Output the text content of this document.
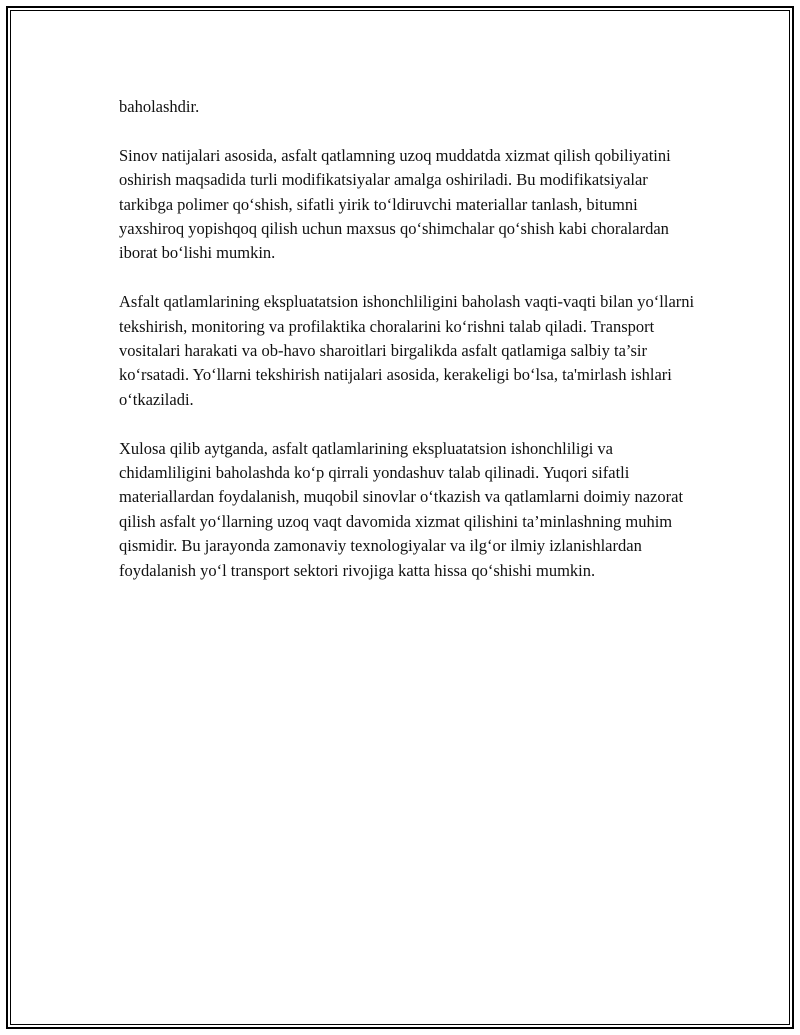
baholashdir.

Sinov natijalari asosida, asfalt qatlamning uzoq muddatda xizmat qilish qobiliyatini oshirish maqsadida turli modifikatsiyalar amalga oshiriladi. Bu modifikatsiyalar tarkibga polimer qo‘shish, sifatli yirik to‘ldiruvchi materiallar tanlash, bitumni yaxshiroq yopishqoq qilish uchun maxsus qo‘shimchalar qo‘shish kabi choralardan iborat bo‘lishi mumkin.

Asfalt qatlamlarining ekspluatatsion ishonchliligini baholash vaqti-vaqti bilan yo‘llarni tekshirish, monitoring va profilaktika choralarini ko‘rishni talab qiladi. Transport vositalari harakati va ob-havo sharoitlari birgalikda asfalt qatlamiga salbiy ta’sir ko‘rsatadi. Yo‘llarni tekshirish natijalari asosida, kerakeligi bo‘lsa, ta'mirlash ishlari o‘tkaziladi.

Xulosa qilib aytganda, asfalt qatlamlarining ekspluatatsion ishonchliligi va chidamliligini baholashda ko‘p qirrali yondashuv talab qilinadi. Yuqori sifatli materiallardan foydalanish, muqobil sinovlar o‘tkazish va qatlamlarni doimiy nazorat qilish asfalt yo‘llarning uzoq vaqt davomida xizmat qilishini ta’minlashning muhim qismidir. Bu jarayonda zamonaviy texnologiyalar va ilg‘or ilmiy izlanishlardan foydalanish yo‘l transport sektori rivojiga katta hissa qo‘shishi mumkin.
